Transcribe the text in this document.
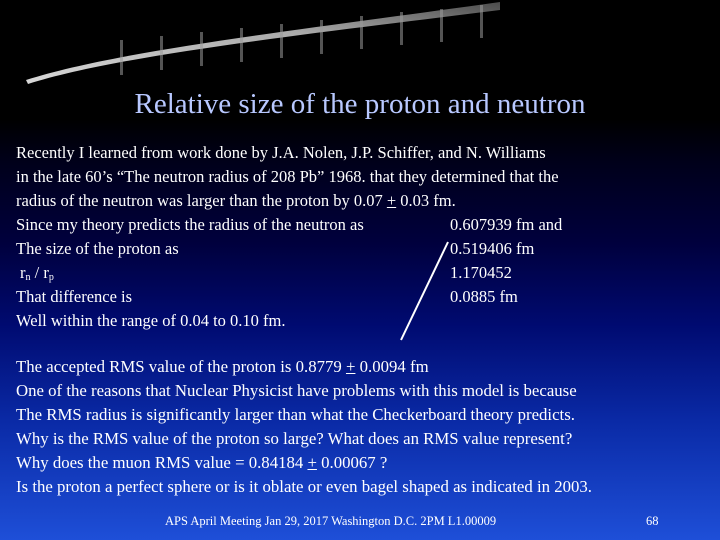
Relative size of the proton and neutron
Recently I learned from work done by J.A. Nolen, J.P. Schiffer, and N. Williams
in the late 60’s “The neutron radius of 208 Pb” 1968. that they determined that the
radius of the neutron was larger than the proton by 0.07 + 0.03 fm.
Since my theory predicts the radius of the neutron as	0.607939 fm and
The size of the proton as	0.519406 fm
$r_n / r_p$	1.170452
That difference is	0.0885 fm
Well within the range of 0.04 to 0.10 fm.
The accepted RMS value of the proton is 0.8779 + 0.0094 fm
One of the reasons that Nuclear Physicist have problems with this model is because
The RMS radius is significantly larger than what the Checkerboard theory predicts.
Why is the RMS value of the proton so large? What does an RMS value represent?
Why does the muon RMS value = 0.84184 + 0.00067 ?
Is the proton a perfect sphere or is it oblate or even bagel shaped as indicated in 2003.
APS April Meeting Jan 29, 2017 Washington D.C. 2PM L1.00009	68
